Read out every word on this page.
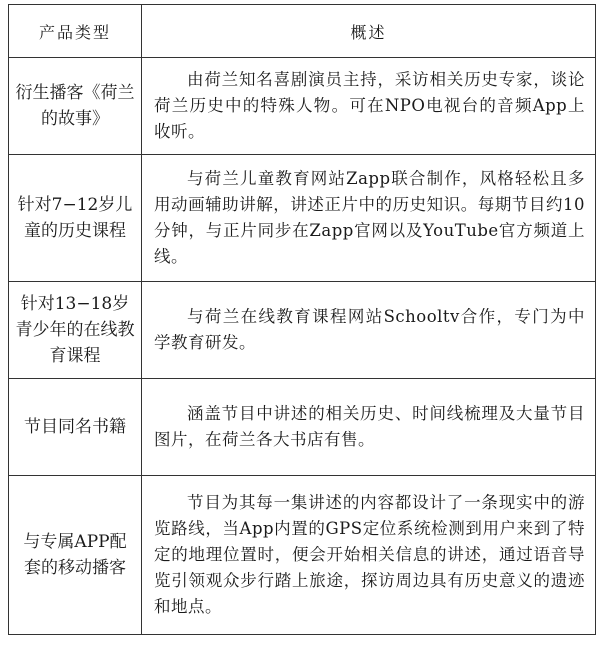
产品类型	概述
衍生播客《荷兰的故事》	由荷兰知名喜剧演员主持，采访相关历史专家，谈论荷兰历史中的特殊人物。可在NPO电视台的音频App上收听。

针对7−12岁儿童的历史课程	与荷兰儿童教育网站Zapp联合制作，风格轻松且多用动画辅助讲解，讲述正片中的历史知识。每期节目约10分钟，与正片同步在Zapp官网以及YouTube官方频道上线。

针对13−18岁青少年的在线教育课程	与荷兰在线教育课程网站Schooltv合作，专门为中学教育研发。

节目同名书籍	涵盖节目中讲述的相关历史、时间线梳理及大量节目图片，在荷兰各大书店有售。

与专属APP配套的移动播客	节目为其每一集讲述的内容都设计了一条现实中的游览路线，当App内置的GPS定位系统检测到用户来到了特定的地理位置时，便会开始相关信息的讲述，通过语音导览引领观众步行踏上旅途，探访周边具有历史意义的遗迹和地点。
